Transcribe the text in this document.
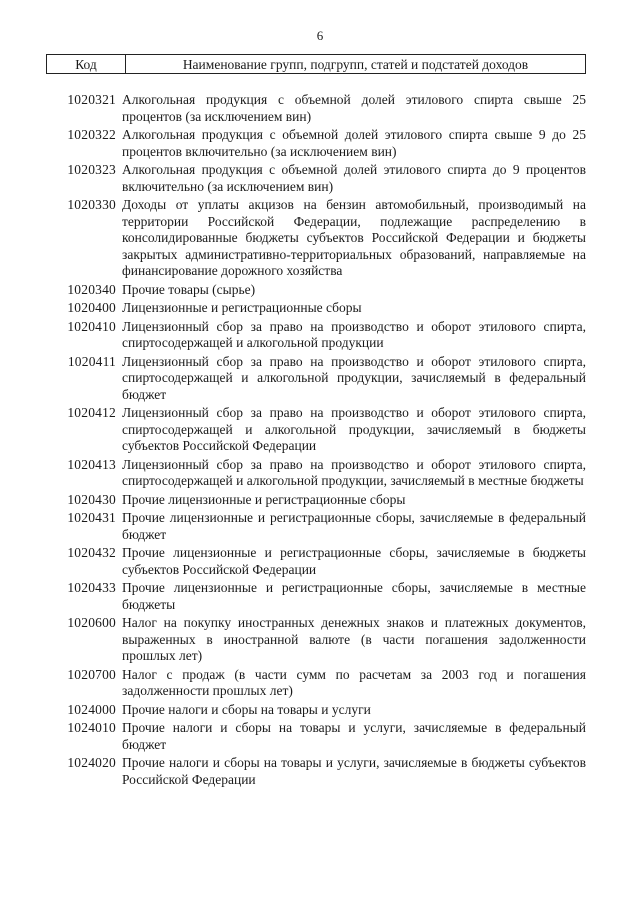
6
Код	Наименование групп, подгрупп, статей и подстатей доходов
1020321 Алкогольная продукция с объемной долей этилового спирта свыше 25 процентов (за исключением вин)
1020322 Алкогольная продукция с объемной долей этилового спирта свыше 9 до 25 процентов включительно (за исключением вин)
1020323 Алкогольная продукция с объемной долей этилового спирта до 9 процентов включительно (за исключением вин)
1020330 Доходы от уплаты акцизов на бензин автомобильный, производимый на территории Российской Федерации, подлежащие распределению в консолидированные бюджеты субъектов Российской Федерации и бюджеты закрытых административно-территориальных образований, направляемые на финансирование дорожного хозяйства
1020340 Прочие товары (сырье)
1020400 Лицензионные и регистрационные сборы
1020410 Лицензионный сбор за право на производство и оборот этилового спирта, спиртосодержащей и алкогольной продукции
1020411 Лицензионный сбор за право на производство и оборот этилового спирта, спиртосодержащей и алкогольной продукции, зачисляемый в федеральный бюджет
1020412 Лицензионный сбор за право на производство и оборот этилового спирта, спиртосодержащей и алкогольной продукции, зачисляемый в бюджеты субъектов Российской Федерации
1020413 Лицензионный сбор за право на производство и оборот этилового спирта, спиртосодержащей и алкогольной продукции, зачисляемый в местные бюджеты
1020430 Прочие лицензионные и регистрационные сборы
1020431 Прочие лицензионные и регистрационные сборы, зачисляемые в федеральный бюджет
1020432 Прочие лицензионные и регистрационные сборы, зачисляемые в бюджеты субъектов Российской Федерации
1020433 Прочие лицензионные и регистрационные сборы, зачисляемые в местные бюджеты
1020600 Налог на покупку иностранных денежных знаков и платежных документов, выраженных в иностранной валюте (в части погашения задолженности прошлых лет)
1020700 Налог с продаж (в части сумм по расчетам за 2003 год и погашения задолженности прошлых лет)
1024000 Прочие налоги и сборы на товары и услуги
1024010 Прочие налоги и сборы на товары и услуги, зачисляемые в федеральный бюджет
1024020 Прочие налоги и сборы на товары и услуги, зачисляемые в бюджеты субъектов Российской Федерации
